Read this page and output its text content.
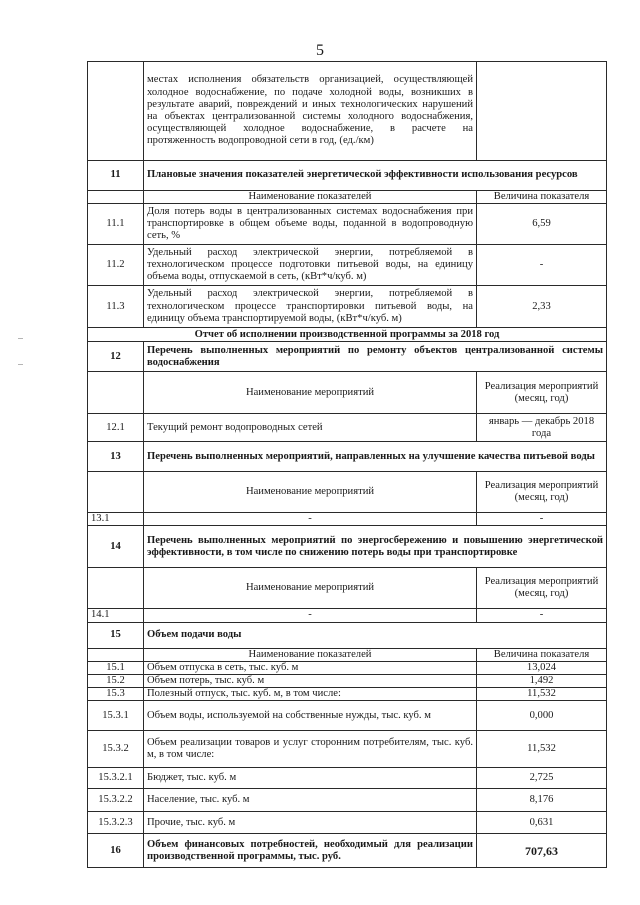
5
	местах исполнения обязательств организацией, осуществляющей холодное водоснабжение, по подаче холодной воды, возникших в результате аварий, повреждений и иных технологических нарушений на объектах централизованной системы холодного водоснабжения, осуществляющей холодное водоснабжение, в расчете на протяженность водопроводной сети в год, (ед./км)	
11	Плановые значения показателей энергетической эффективности использования ресурсов	
	Наименование показателей	Величина показателя
11.1	Доля потерь воды в централизованных системах водоснабжения при транспортировке в общем объеме воды, поданной в водопроводную сеть, %	6,59
11.2	Удельный расход электрической энергии, потребляемой в технологическом процессе подготовки питьевой воды, на единицу объема воды, отпускаемой в сеть, (кВт*ч/куб. м)	-
11.3	Удельный расход электрической энергии, потребляемой в технологическом процессе транспортировки питьевой воды, на единицу объема транспортируемой воды, (кВт*ч/куб. м)	2,33
Отчет об исполнении производственной программы за 2018 год		
12	Перечень выполненных мероприятий по ремонту объектов централизованной системы водоснабжения	
	Наименование мероприятий	Реализация мероприятий (месяц, год)
12.1	Текущий ремонт водопроводных сетей	январь — декабрь 2018 года
13	Перечень выполненных мероприятий, направленных на улучшение качества питьевой воды	
	Наименование мероприятий	Реализация мероприятий (месяц, год)
13.1	-	-
14	Перечень выполненных мероприятий по энергосбережению и повышению энергетической эффективности, в том числе по снижению потерь воды при транспортировке	
	Наименование мероприятий	Реализация мероприятий (месяц, год)
14.1	-	-
15	Объем подачи воды	
	Наименование показателей	Величина показателя
15.1	Объем отпуска в сеть, тыс. куб. м	13,024
15.2	Объем потерь, тыс. куб. м	1,492
15.3	Полезный отпуск, тыс. куб. м, в том числе:	11,532
15.3.1	Объем воды, используемой на собственные нужды, тыс. куб. м	0,000
15.3.2	Объем реализации товаров и услуг сторонним потребителям, тыс. куб. м, в том числе:	11,532
15.3.2.1	Бюджет, тыс. куб. м	2,725
15.3.2.2	Население, тыс. куб. м	8,176
15.3.2.3	Прочие, тыс. куб. м	0,631
16	Объем финансовых потребностей, необходимый для реализации производственной программы, тыс. руб.	707,63
